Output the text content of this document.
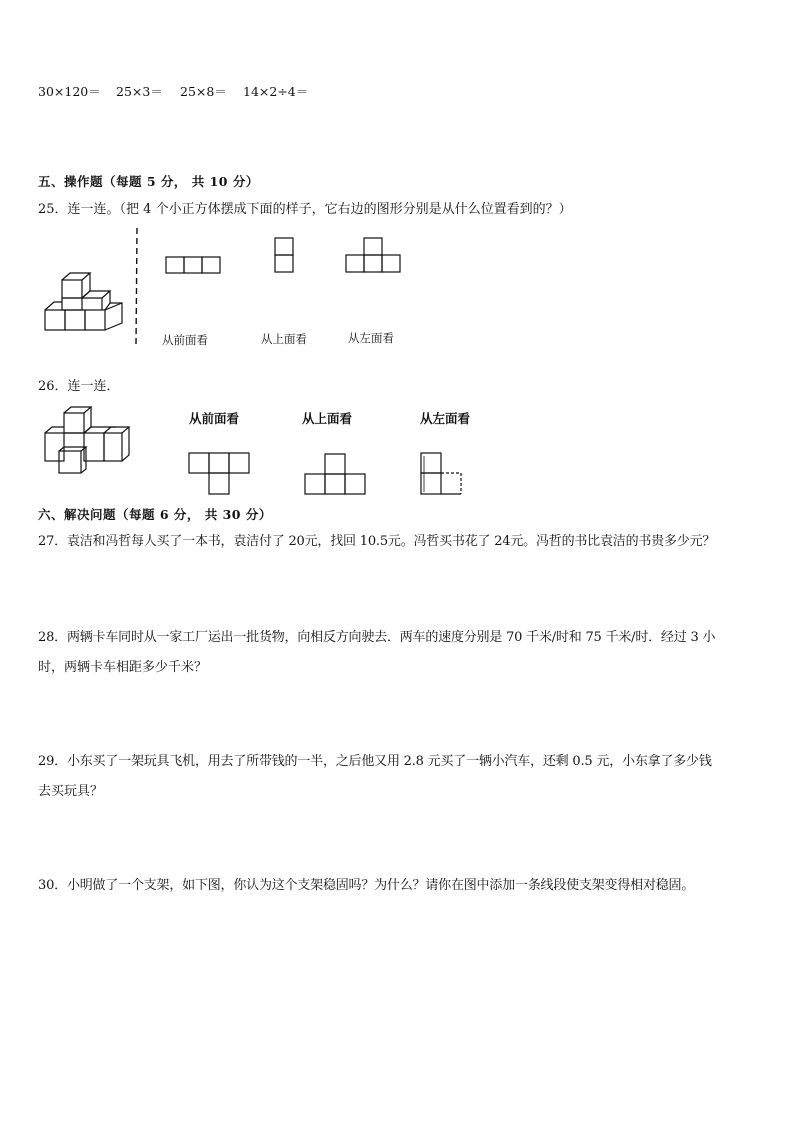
30×120＝ 25×3＝ 25×8＝ 14×2÷4＝
五、操作题（每题 5 分， 共 10 分）
25．连一连。（把 4 个小正方体摆成下面的样子，它右边的图形分别是从什么位置看到的？）
从前面看	从上面看	从左面看
26．连一连．
从前面看	从上面看	从左面看
六、解决问题（每题 6 分， 共 30 分）
27．袁洁和冯哲每人买了一本书，袁洁付了 20元，找回 10.5元。冯哲买书花了 24元。冯哲的书比袁洁的书贵多少元？
28．两辆卡车同时从一家工厂运出一批货物，向相反方向驶去．两车的速度分别是 70 千米/时和 75 千米/时．经过 3 小
时，两辆卡车相距多少千米？
29．小东买了一架玩具飞机，用去了所带钱的一半，之后他又用 2.8 元买了一辆小汽车，还剩 0.5 元，小东拿了多少钱
去买玩具？
30．小明做了一个支架，如下图，你认为这个支架稳固吗？为什么？请你在图中添加一条线段使支架变得相对稳固。
